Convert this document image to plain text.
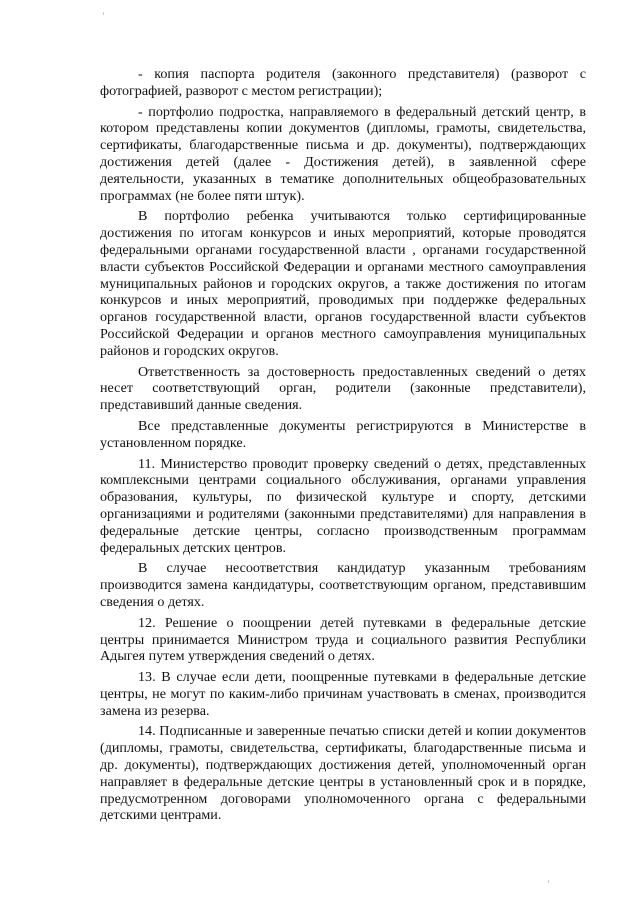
- копия паспорта родителя (законного представителя) (разворот с фотографией, разворот с местом регистрации);

- портфолио подростка, направляемого в федеральный детский центр, в котором представлены копии документов (дипломы, грамоты, свидетельства, сертификаты, благодарственные письма и др. документы), подтверждающих достижения детей (далее - Достижения детей), в заявленной сфере деятельности, указанных в тематике дополнительных общеобразовательных программах (не более пяти штук).

В портфолио ребенка учитываются только сертифицированные достижения по итогам конкурсов и иных мероприятий, которые проводятся федеральными органами государственной власти , органами государственной власти субъектов Российской Федерации и органами местного самоуправления муниципальных районов и городских округов, а также достижения по итогам конкурсов и иных мероприятий, проводимых при поддержке федеральных органов государственной власти, органов государственной власти субъектов Российской Федерации и органов местного самоуправления муниципальных районов и городских округов.

Ответственность за достоверность предоставленных сведений о детях несет соответствующий орган, родители (законные представители), представивший данные сведения.

Все представленные документы регистрируются в Министерстве в установленном порядке.

11. Министерство проводит проверку сведений о детях, представленных комплексными центрами социального обслуживания, органами управления образования, культуры, по физической культуре и спорту, детскими организациями и родителями (законными представителями) для направления в федеральные детские центры, согласно производственным программам федеральных детских центров.

В случае несоответствия кандидатур указанным требованиям производится замена кандидатуры, соответствующим органом, представившим сведения о детях.

12. Решение о поощрении детей путевками в федеральные детские центры принимается Министром труда и социального развития Республики Адыгея путем утверждения сведений о детях.

13. В случае если дети, поощренные путевками в федеральные детские центры, не могут по каким-либо причинам участвовать в сменах, производится замена из резерва.

14. Подписанные и заверенные печатью списки детей и копии документов (дипломы, грамоты, свидетельства, сертификаты, благодарственные письма и др. документы), подтверждающих достижения детей, уполномоченный орган направляет в федеральные детские центры в установленный срок и в порядке, предусмотренном договорами уполномоченного органа с федеральными детскими центрами.
